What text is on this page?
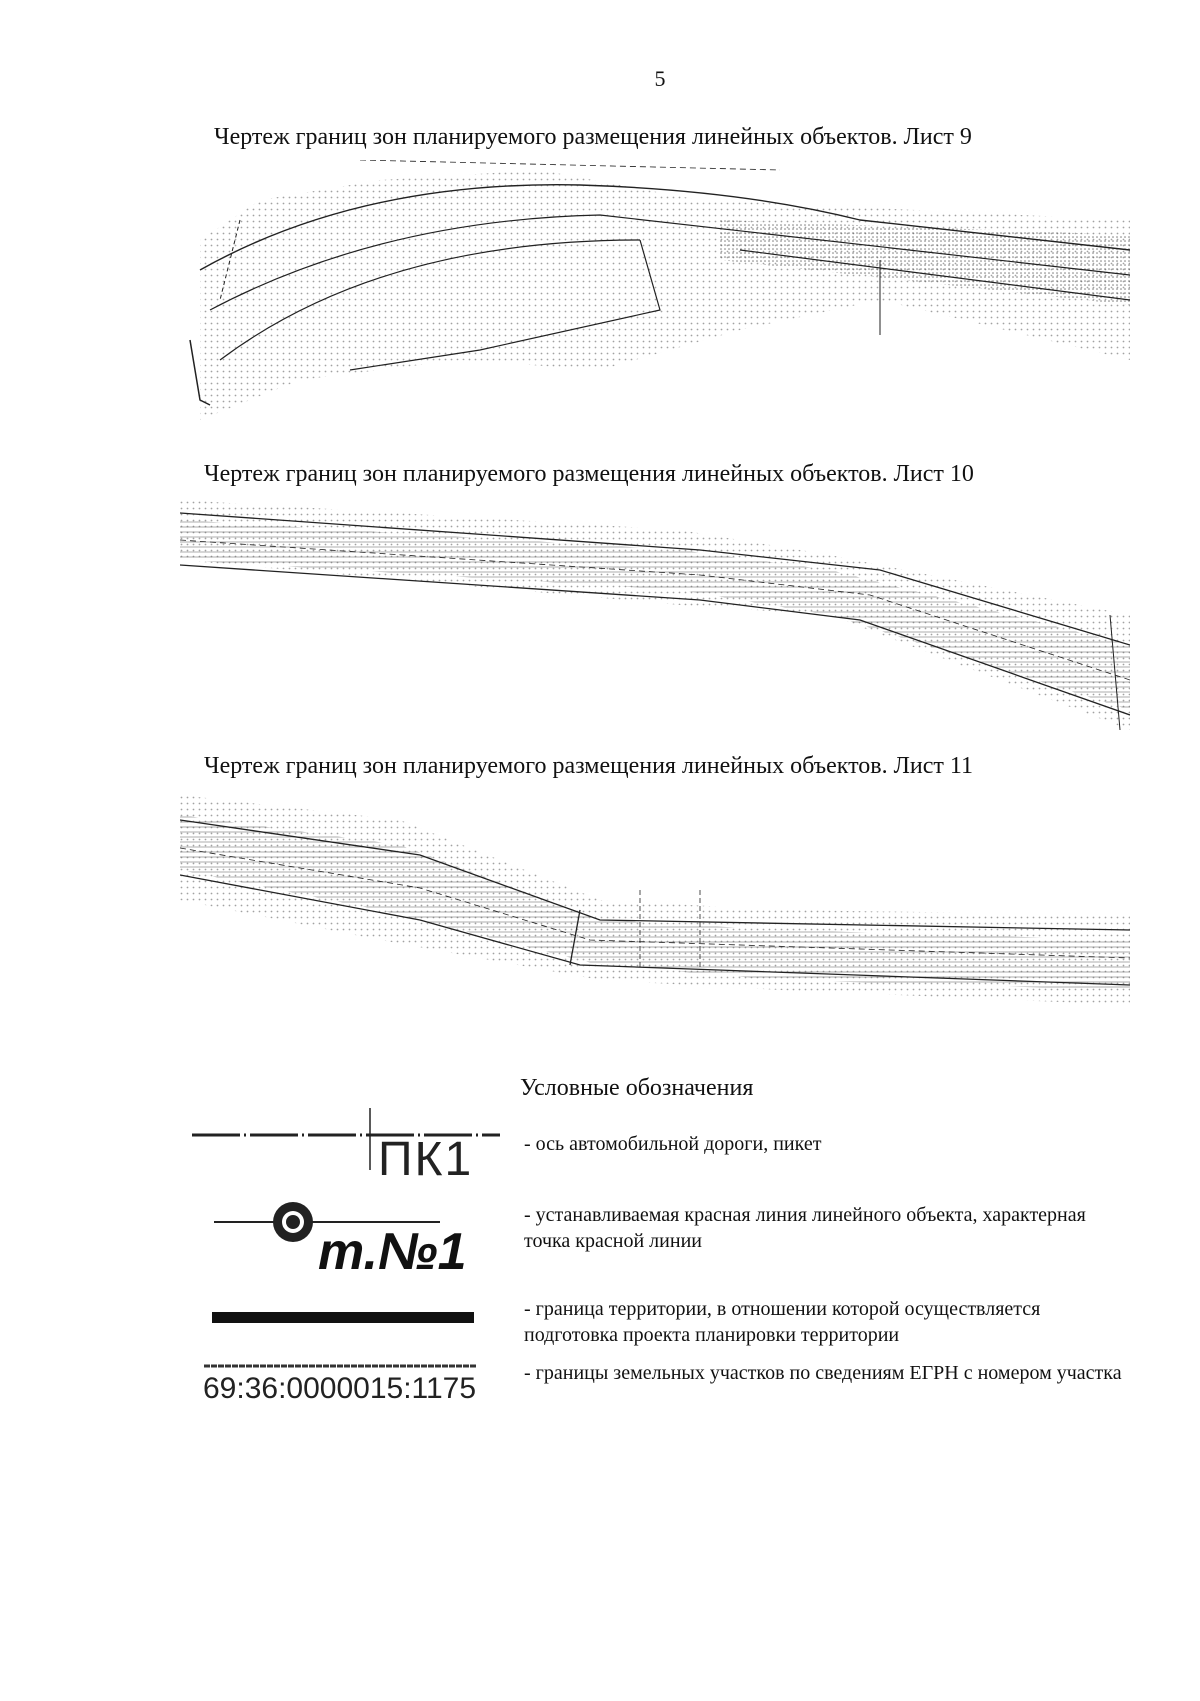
5
Чертеж границ зон планируемого размещения линейных объектов. Лист 9
Чертеж границ зон планируемого размещения линейных объектов. Лист 10
Чертеж границ зон планируемого размещения линейных объектов. Лист 11
Условные обозначения
ПК1	- ось автомобильной дороги, пикет
т.№1
- устанавливаемая красная линия линейного объекта, характерная точка красной линии
- граница территории, в отношении которой осуществляется подготовка проекта планировки территории
69:36:0000015:1175 - границы земельных участков по сведениям ЕГРН с номером участка
